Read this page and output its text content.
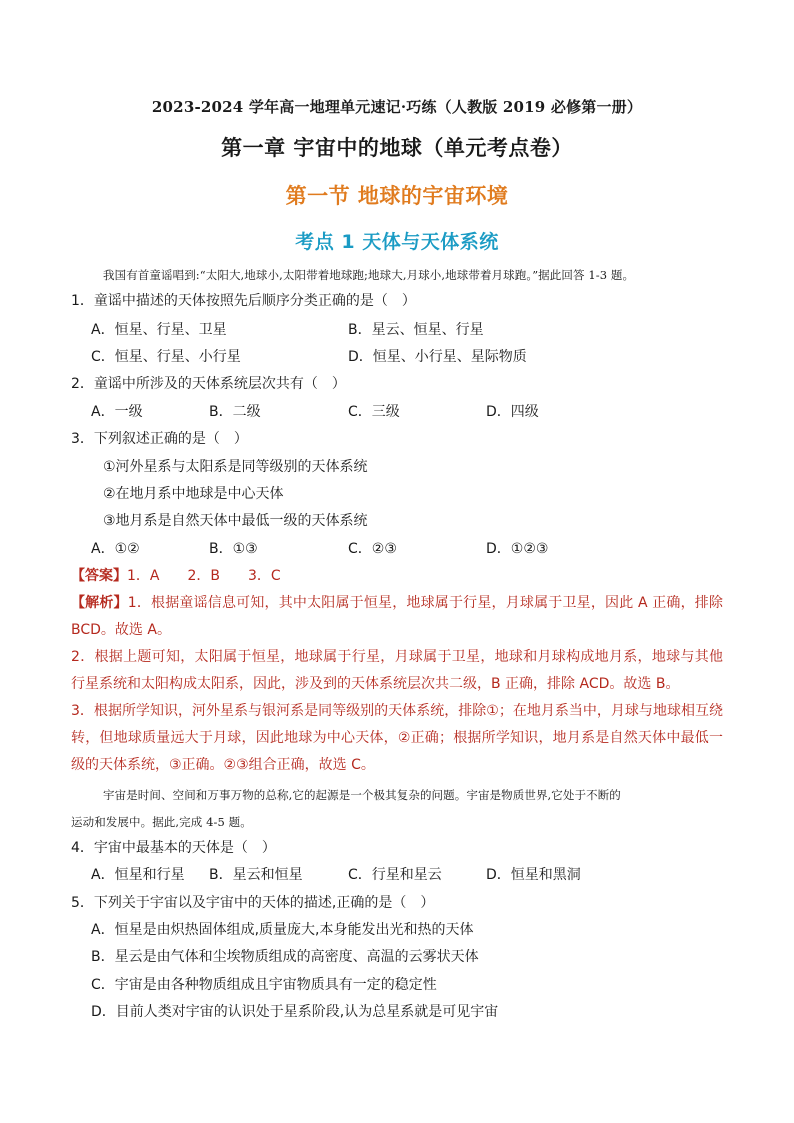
2023-2024 学年高一地理单元速记·巧练（人教版 2019 必修第一册）
第一章 宇宙中的地球（单元考点卷）
第一节 地球的宇宙环境
考点 1 天体与天体系统
我国有首童谣唱到:“太阳大,地球小,太阳带着地球跑;地球大,月球小,地球带着月球跑。”据此回答 1-3 题。
1．童谣中描述的天体按照先后顺序分类正确的是（　）
A．恒星、行星、卫星	B．星云、恒星、行星
C．恒星、行星、小行星	D．恒星、小行星、星际物质
2．童谣中所涉及的天体系统层次共有（　）
A．一级	B．二级	C．三级	D．四级
3．下列叙述正确的是（　）
①河外星系与太阳系是同等级别的天体系统
②在地月系中地球是中心天体
③地月系是自然天体中最低一级的天体系统
A．①②	B．①③	C．②③	D．①②③
【答案】1．A　　2．B　　3．C
【解析】1．根据童谣信息可知，其中太阳属于恒星，地球属于行星，月球属于卫星，因此 A 正确，排除 BCD。故选 A。
2．根据上题可知，太阳属于恒星，地球属于行星，月球属于卫星，地球和月球构成地月系，地球与其他行星系统和太阳构成太阳系，因此，涉及到的天体系统层次共二级，B 正确，排除 ACD。故选 B。
3．根据所学知识，河外星系与银河系是同等级别的天体系统，排除①；在地月系当中，月球与地球相互绕转，但地球质量远大于月球，因此地球为中心天体，②正确；根据所学知识，地月系是自然天体中最低一级的天体系统，③正确。②③组合正确，故选 C。
宇宙是时间、空间和万事万物的总称,它的起源是一个极其复杂的问题。宇宙是物质世界,它处于不断的
运动和发展中。据此,完成 4-5 题。
4．宇宙中最基本的天体是（　）
A．恒星和行星 B．星云和恒星	C．行星和星云	D．恒星和黑洞
5．下列关于宇宙以及宇宙中的天体的描述,正确的是（　）
A．恒星是由炽热固体组成,质量庞大,本身能发出光和热的天体
B．星云是由气体和尘埃物质组成的高密度、高温的云雾状天体
C．宇宙是由各种物质组成且宇宙物质具有一定的稳定性
D．目前人类对宇宙的认识处于星系阶段,认为总星系就是可见宇宙
